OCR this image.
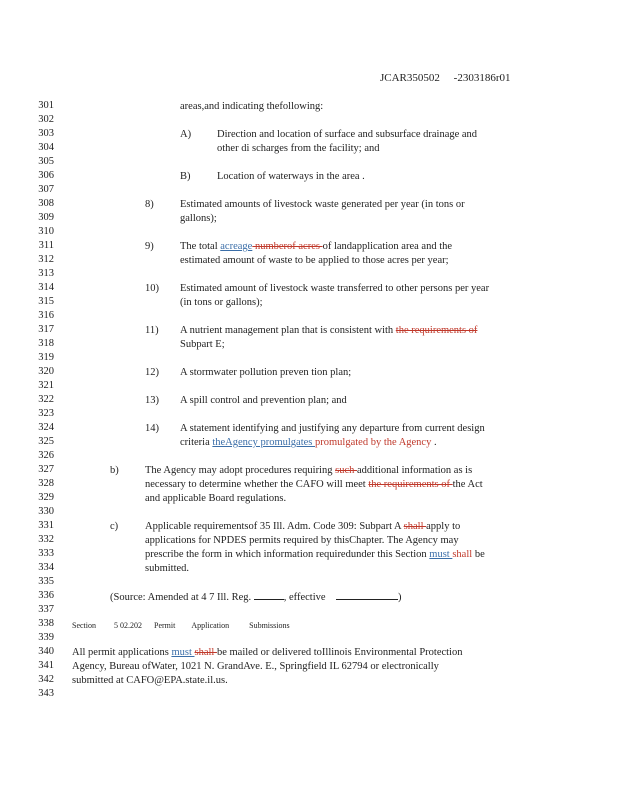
JCAR350502 -2303186r01
301
302
303
304
305
306
307
308
309
310
311
312
313
314
315
316
317
318
319
320
321
322
323
324
325
326
327
328
329
330
331
332
333
334
335
336
337
338
339
340
341
342
343
areas,and indicating thefollowing:
A) Direction and location of surface and subsurface drainage and
other di scharges from the facility; and
B)	Location of waterways in the area .
8)	Estimated amounts of livestock waste generated per year (in tons or
gallons);
9)	The total acreage numberof acres of landapplication area and the
estimated amount of waste to be applied to those acres per year;
10) Estimated amount of livestock waste transferred to other persons per year
(in tons or gallons);
11) A nutrient management plan that is consistent with the requirements of
Subpart E;
12) A stormwater pollution preven tion plan;
13) A spill control and prevention plan; and
14) A statement identifying and justifying any departure from current design
criteria theAgency promulgates promulgated by the Agency .
b)	The Agency may adopt procedures requiring such additional information as is
necessary to determine whether the CAFO will meet the requirements of the Act
and applicable Board regulations.
c)	Applicable requirementsof 35 Ill. Adm. Code 309: Subpart A shall apply to
applications for NPDES permits required by thisChapter. The Agency may
prescribe the form in which information requiredunder this Section must shall be
submitted.
(Source: Amended at 4 7 Ill. Reg.	, effective	)
Section 5 02.202 Permit Application	Submissions
All permit applications must shall be mailed or delivered toIllinois Environmental Protection
Agency, Bureau ofWater, 1021 N. GrandAve. E., Springfield IL 62794 or electronically
submitted at CAFO@EPA.state.il.us.
